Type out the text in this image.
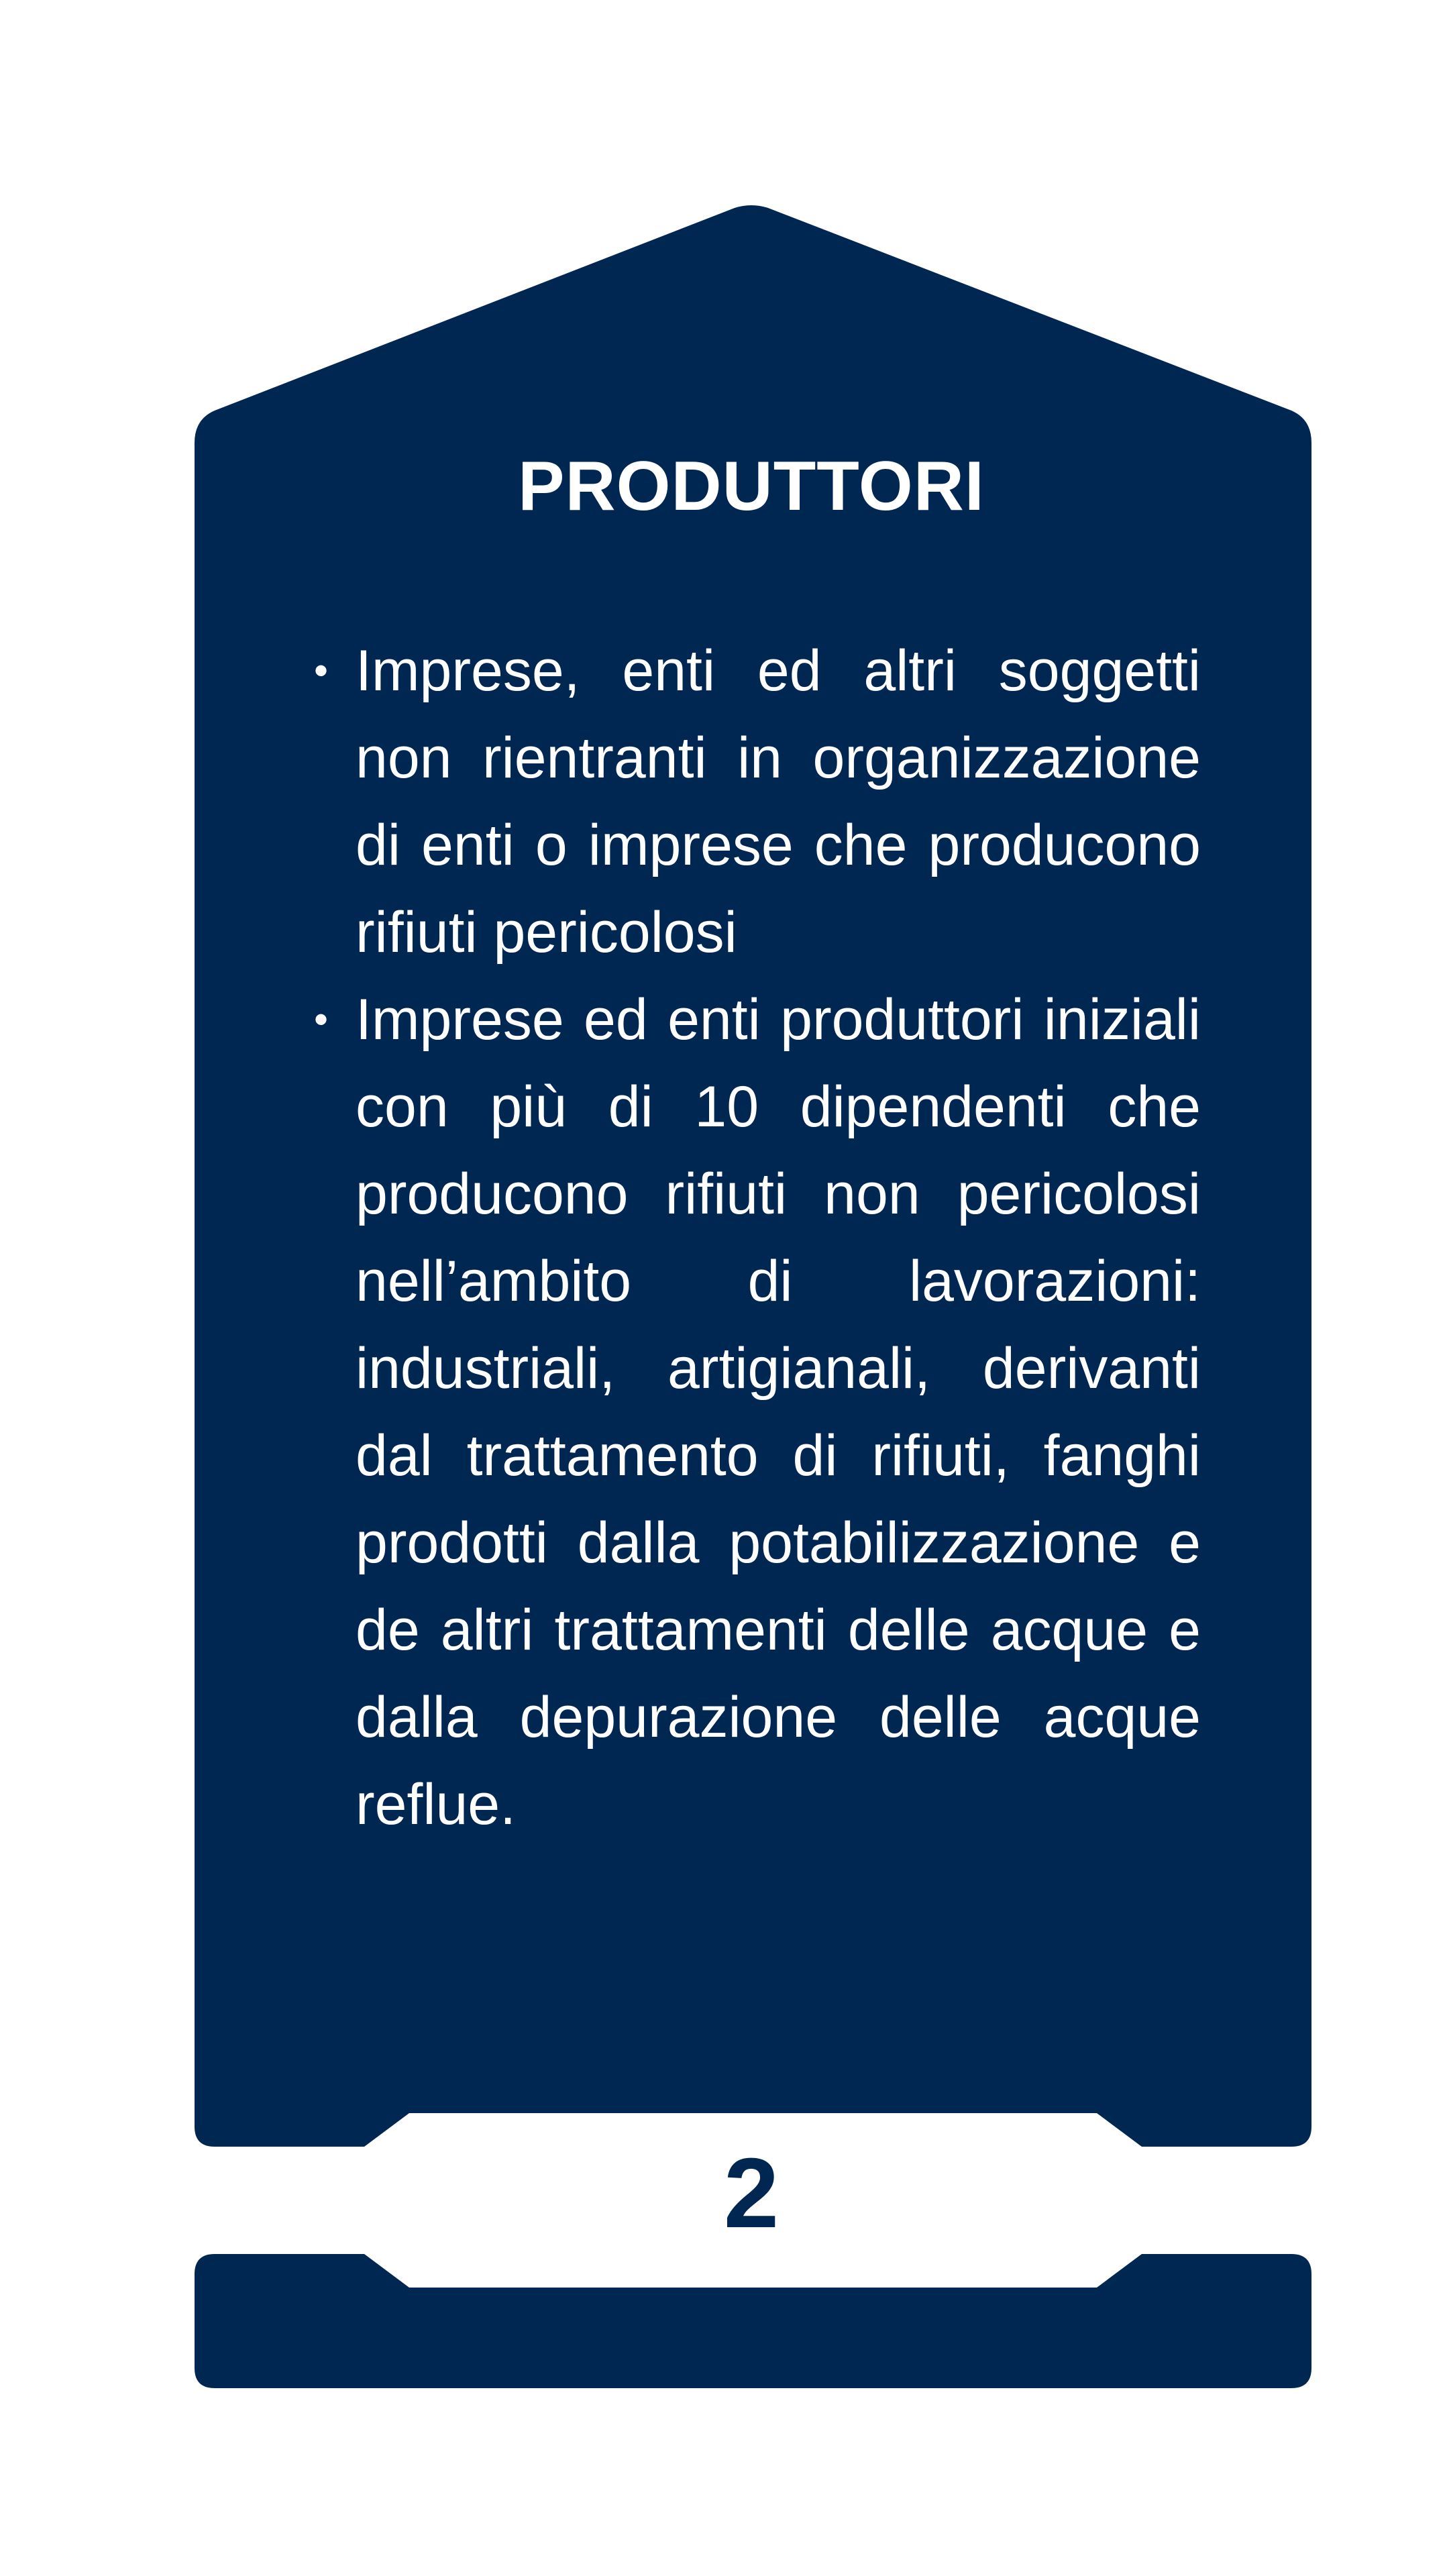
PRODUTTORI
• Imprese, enti ed altri soggetti non rientranti in organizzazione di enti o imprese che producono rifiuti pericolosi
• Imprese ed enti produttori iniziali con più di 10 dipendenti che producono rifiuti non pericolosi nell’ambito di lavorazioni: industriali, artigianali, derivanti dal trattamento di rifiuti, fanghi prodotti dalla potabilizzazione e de altri trattamenti delle acque e dalla depurazione delle acque reflue.
2
